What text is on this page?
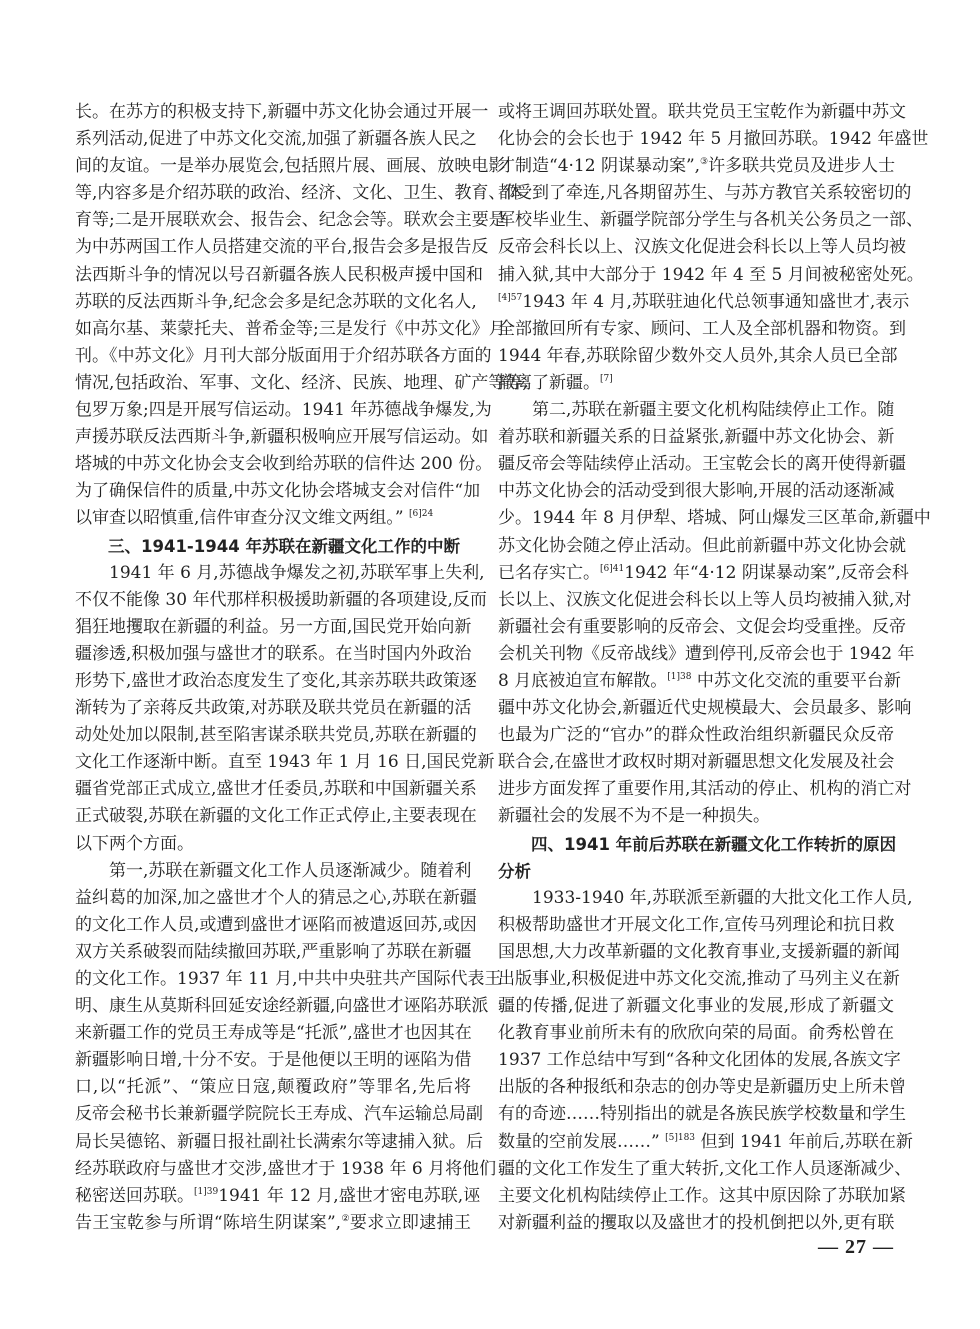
长。在苏方的积极支持下,新疆中苏文化协会通过开展一
系列活动,促进了中苏文化交流,加强了新疆各族人民之
间的友谊。一是举办展览会,包括照片展、画展、放映电影
等,内容多是介绍苏联的政治、经济、文化、卫生、教育、体
育等;二是开展联欢会、报告会、纪念会等。联欢会主要是
为中苏两国工作人员搭建交流的平台,报告会多是报告反
法西斯斗争的情况以号召新疆各族人民积极声援中国和
苏联的反法西斯斗争,纪念会多是纪念苏联的文化名人,
如高尔基、莱蒙托夫、普希金等;三是发行《中苏文化》月
刊。《中苏文化》月刊大部分版面用于介绍苏联各方面的
情况,包括政治、军事、文化、经济、民族、地理、矿产等等,
包罗万象;四是开展写信运动。1941 年苏德战争爆发,为
声援苏联反法西斯斗争,新疆积极响应开展写信运动。如
塔城的中苏文化协会支会收到给苏联的信件达 200 份。
为了确保信件的质量,中苏文化协会塔城支会对信件“加
以审查以昭慎重,信件审查分汉文维文两组。” $^{[6]24}$
三、1941-1944 年苏联在新疆文化工作的中断
1941 年 6 月,苏德战争爆发之初,苏联军事上失利,
不仅不能像 30 年代那样积极援助新疆的各项建设,反而
猖狂地攫取在新疆的利益。另一方面,国民党开始向新
疆渗透,积极加强与盛世才的联系。在当时国内外政治
形势下,盛世才政治态度发生了变化,其亲苏联共政策逐
渐转为了亲蒋反共政策,对苏联及联共党员在新疆的活
动处处加以限制,甚至陷害谋杀联共党员,苏联在新疆的
文化工作逐渐中断。直至 1943 年 1 月 16 日,国民党新
疆省党部正式成立,盛世才任委员,苏联和中国新疆关系
正式破裂,苏联在新疆的文化工作正式停止,主要表现在
以下两个方面。
第一,苏联在新疆文化工作人员逐渐减少。随着利
益纠葛的加深,加之盛世才个人的猜忌之心,苏联在新疆
的文化工作人员,或遭到盛世才诬陷而被遣返回苏,或因
双方关系破裂而陆续撤回苏联,严重影响了苏联在新疆
的文化工作。1937 年 11 月,中共中央驻共产国际代表王
明、康生从莫斯科回延安途经新疆,向盛世才诬陷苏联派
来新疆工作的党员王寿成等是“托派”,盛世才也因其在
新疆影响日增,十分不安。于是他便以王明的诬陷为借
口,以“托派”、“策应日寇,颠覆政府”等罪名,先后将
反帝会秘书长兼新疆学院院长王寿成、汽车运输总局副
局长吴德铭、新疆日报社副社长满索尔等逮捕入狱。后
经苏联政府与盛世才交涉,盛世才于 1938 年 6 月将他们
秘密送回苏联。$^{[1]39}$1941 年 12 月,盛世才密电苏联,诬
告王宝乾参与所谓“陈培生阴谋案”,②要求立即逮捕王
或将王调回苏联处置。联共党员王宝乾作为新疆中苏文
化协会的会长也于 1942 年 5 月撤回苏联。1942 年盛世
才制造“4·12 阴谋暴动案”,③许多联共党员及进步人士
都受到了牵连,凡各期留苏生、与苏方教官关系较密切的
军校毕业生、新疆学院部分学生与各机关公务员之一部、
反帝会科长以上、汉族文化促进会科长以上等人员均被
捕入狱,其中大部分于 1942 年 4 至 5 月间被秘密处死。
$^{[4]57}$1943 年 4 月,苏联驻迪化代总领事通知盛世才,表示
全部撤回所有专家、顾问、工人及全部机器和物资。到
1944 年春,苏联除留少数外交人员外,其余人员已全部
撤离了新疆。[7]
第二,苏联在新疆主要文化机构陆续停止工作。随
着苏联和新疆关系的日益紧张,新疆中苏文化协会、新
疆反帝会等陆续停止活动。王宝乾会长的离开使得新疆
中苏文化协会的活动受到很大影响,开展的活动逐渐减
少。1944 年 8 月伊犁、塔城、阿山爆发三区革命,新疆中
苏文化协会随之停止活动。但此前新疆中苏文化协会就
已名存实亡。$^{[6]41}$1942 年“4·12 阴谋暴动案”,反帝会科
长以上、汉族文化促进会科长以上等人员均被捕入狱,对
新疆社会有重要影响的反帝会、文促会均受重挫。反帝
会机关刊物《反帝战线》遭到停刊,反帝会也于 1942 年
8 月底被迫宣布解散。$^{[1]38}$ 中苏文化交流的重要平台新
疆中苏文化协会,新疆近代史规模最大、会员最多、影响
也最为广泛的“官办”的群众性政治组织新疆民众反帝
联合会,在盛世才政权时期对新疆思想文化发展及社会
进步方面发挥了重要作用,其活动的停止、机构的消亡对
新疆社会的发展不为不是一种损失。
四、1941 年前后苏联在新疆文化工作转折的原因
分析
1933-1940 年,苏联派至新疆的大批文化工作人员,
积极帮助盛世才开展文化工作,宣传马列理论和抗日救
国思想,大力改革新疆的文化教育事业,支援新疆的新闻
出版事业,积极促进中苏文化交流,推动了马列主义在新
疆的传播,促进了新疆文化事业的发展,形成了新疆文
化教育事业前所未有的欣欣向荣的局面。俞秀松曾在
1937 工作总结中写到“各种文化团体的发展,各族文字
出版的各种报纸和杂志的创办等史是新疆历史上所未曾
有的奇迹……特别指出的就是各族民族学校数量和学生
数量的空前发展……” $^{[5]183}$ 但到 1941 年前后,苏联在新
疆的文化工作发生了重大转折,文化工作人员逐渐减少、
主要文化机构陆续停止工作。这其中原因除了苏联加紧
对新疆利益的攫取以及盛世才的投机倒把以外,更有联
— 27 —
